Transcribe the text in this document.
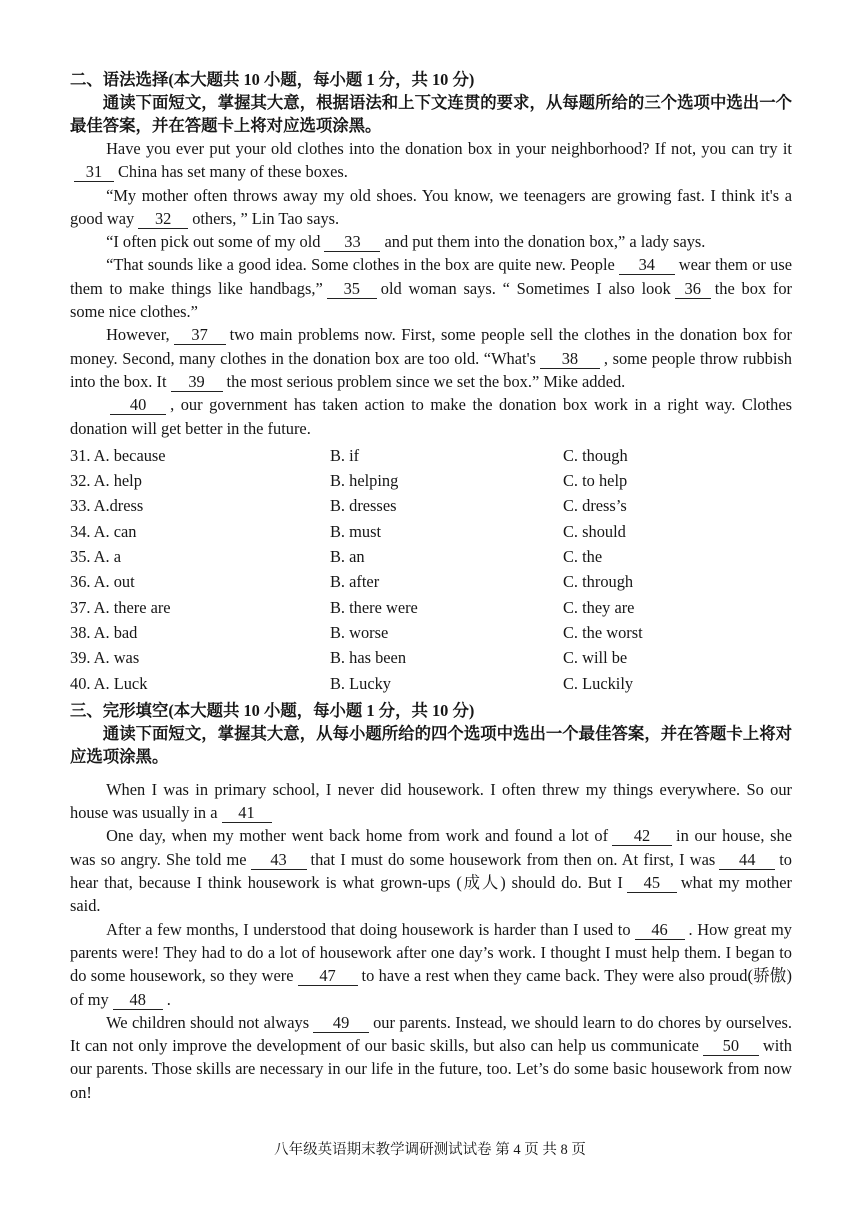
二、语法选择(本大题共 10 小题，每小题 1 分，共 10 分)
通读下面短文，掌握其大意，根据语法和上下文连贯的要求，从每题所给的三个选项中选出一个最佳答案，并在答题卡上将对应选项涂黑。

Have you ever put your old clothes into the donation box in your neighborhood? If not, you can try it31 China has set many of these boxes.

“My mother often throws away my old shoes. You know, we teenagers are growing fast. I think it's a good way 32 others, ” Lin Tao says.

“I often pick out some of my old 33 and put them into the donation box,” a lady says.

“That sounds like a good idea. Some clothes in the box are quite new. People 34 wear them or use them to make things like handbags,” 35 old woman says. “ Sometimes I also look 36 the box for some nice clothes.”

However, 37 two main problems now. First, some people sell the clothes in the donation box for money. Second, many clothes in the donation box are too old. “What's 38 , some people throw rubbish into the box. It 39 the most serious problem since we set the box.” Mike added.

40 , our government has taken action to make the donation box work in a right way. Clothes donation will get better in the future.

31. A. because	B. if	C. though
32. A. help	B. helping	C. to help
33. A.dress	B. dresses	C. dress’s
34. A. can	B. must	C. should
35. A. a	B. an	C. the
36. A. out	B. after	C. through
37. A. there are	B. there were	C. they are
38. A. bad	B. worse	C. the worst
39. A. was	B. has been	C. will be
40. A. Luck	B. Lucky	C. Luckily
三、完形填空(本大题共 10 小题，每小题 1 分，共 10 分)
通读下面短文，掌握其大意，从每小题所给的四个选项中选出一个最佳答案，并在答题卡上将对应选项涂黑。

When I was in primary school, I never did housework. I often threw my things everywhere. So our house was usually in a 41

One day, when my mother went back home from work and found a lot of 42 in our house, she was so angry. She told me 43 that I must do some housework from then on. At first, I was 44 to hear that, because I think housework is what grown-ups (成人) should do. But I 45 what my mother said.

After a few months, I understood that doing housework is harder than I used to 46 . How great my parents were! They had to do a lot of housework after one day’s work. I thought I must help them. I began to do some housework, so they were 47 to have a rest when they came back. They were also proud(骄傲) of my 48 .

We children should not always 49 our parents. Instead, we should learn to do chores by ourselves. It can not only improve the development of our basic skills, but also can help us communicate 50 with our parents. Those skills are necessary in our life in the future, too. Let’s do some basic housework from now on!

八年级英语期末教学调研测试试卷 第 4 页 共 8 页
